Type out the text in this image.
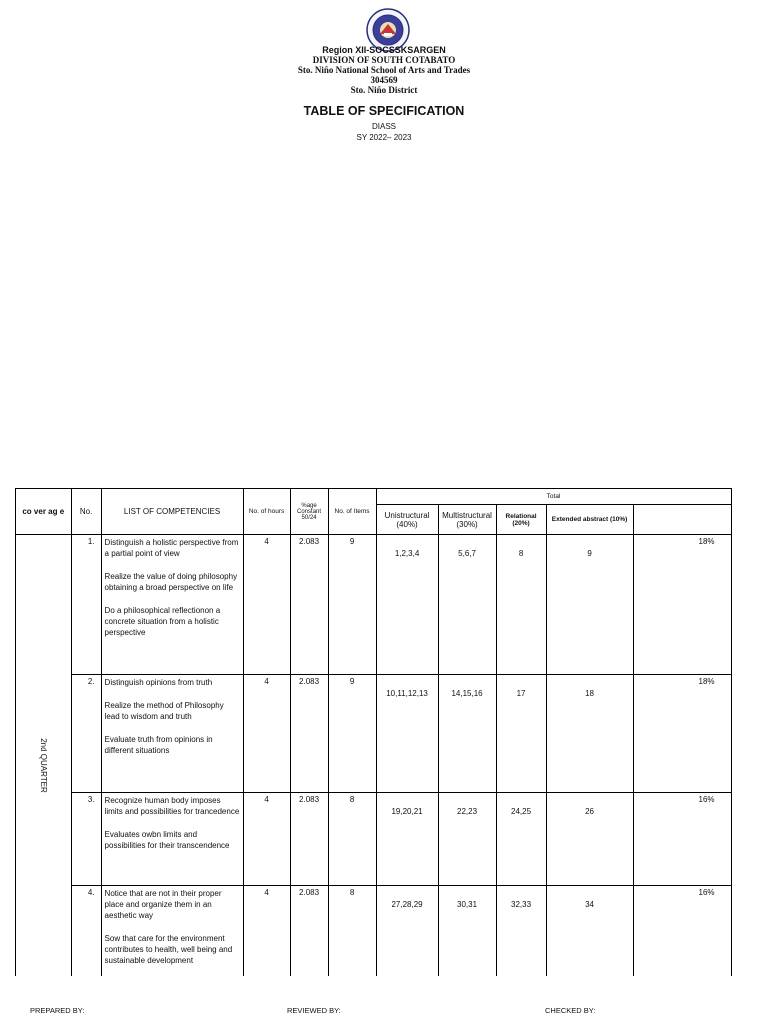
Region XII-SOCSSKSARGEN
DIVISION OF SOUTH COTABATO
Sto. Niño National School of Arts and Trades
304569
Sto. Niño District
TABLE OF SPECIFICATION
DIASS
SY 2022– 2023
co ver ag e	No.	LIST OF COMPETENCIES	No. of hours	%age Constant 50/24	No. of Items	Total				
						Unistructural (40%)	Multistructural (30%)	Relational (20%)	Extended abstract (10%)	
2nd QUARTER	1.	Distinguish a holistic perspective from a partial point of view

Realize the value of doing philosophy obtaining a broad perspective on life

Do a philosophical reflectionon a concrete situation from a holistic perspective	4	2.083	9	1,2,3,4	5,6,7	8	9	18%
	2.	Distinguish opinions from truth

Realize the method of Philosophy lead to wisdom and truth

Evaluate truth from opinions in different situations	4	2.083	9	10,11,12,13	14,15,16	17	18	18%
	3.	Recognize human body imposes limits and possibilities for trancedence

Evaluates owbn limits and possibilities for their transcendence	4	2.083	8	19,20,21	22,23	24,25	26	16%
	4.	Notice that are not in their proper place and organize them in an aesthetic way

Sow that care for the environment contributes to health, well being and sustainable development	4	2.083	8	27,28,29	30,31	32,33	34	16%
PREPARED BY:	REVIEWED BY:	CHECKED BY:
